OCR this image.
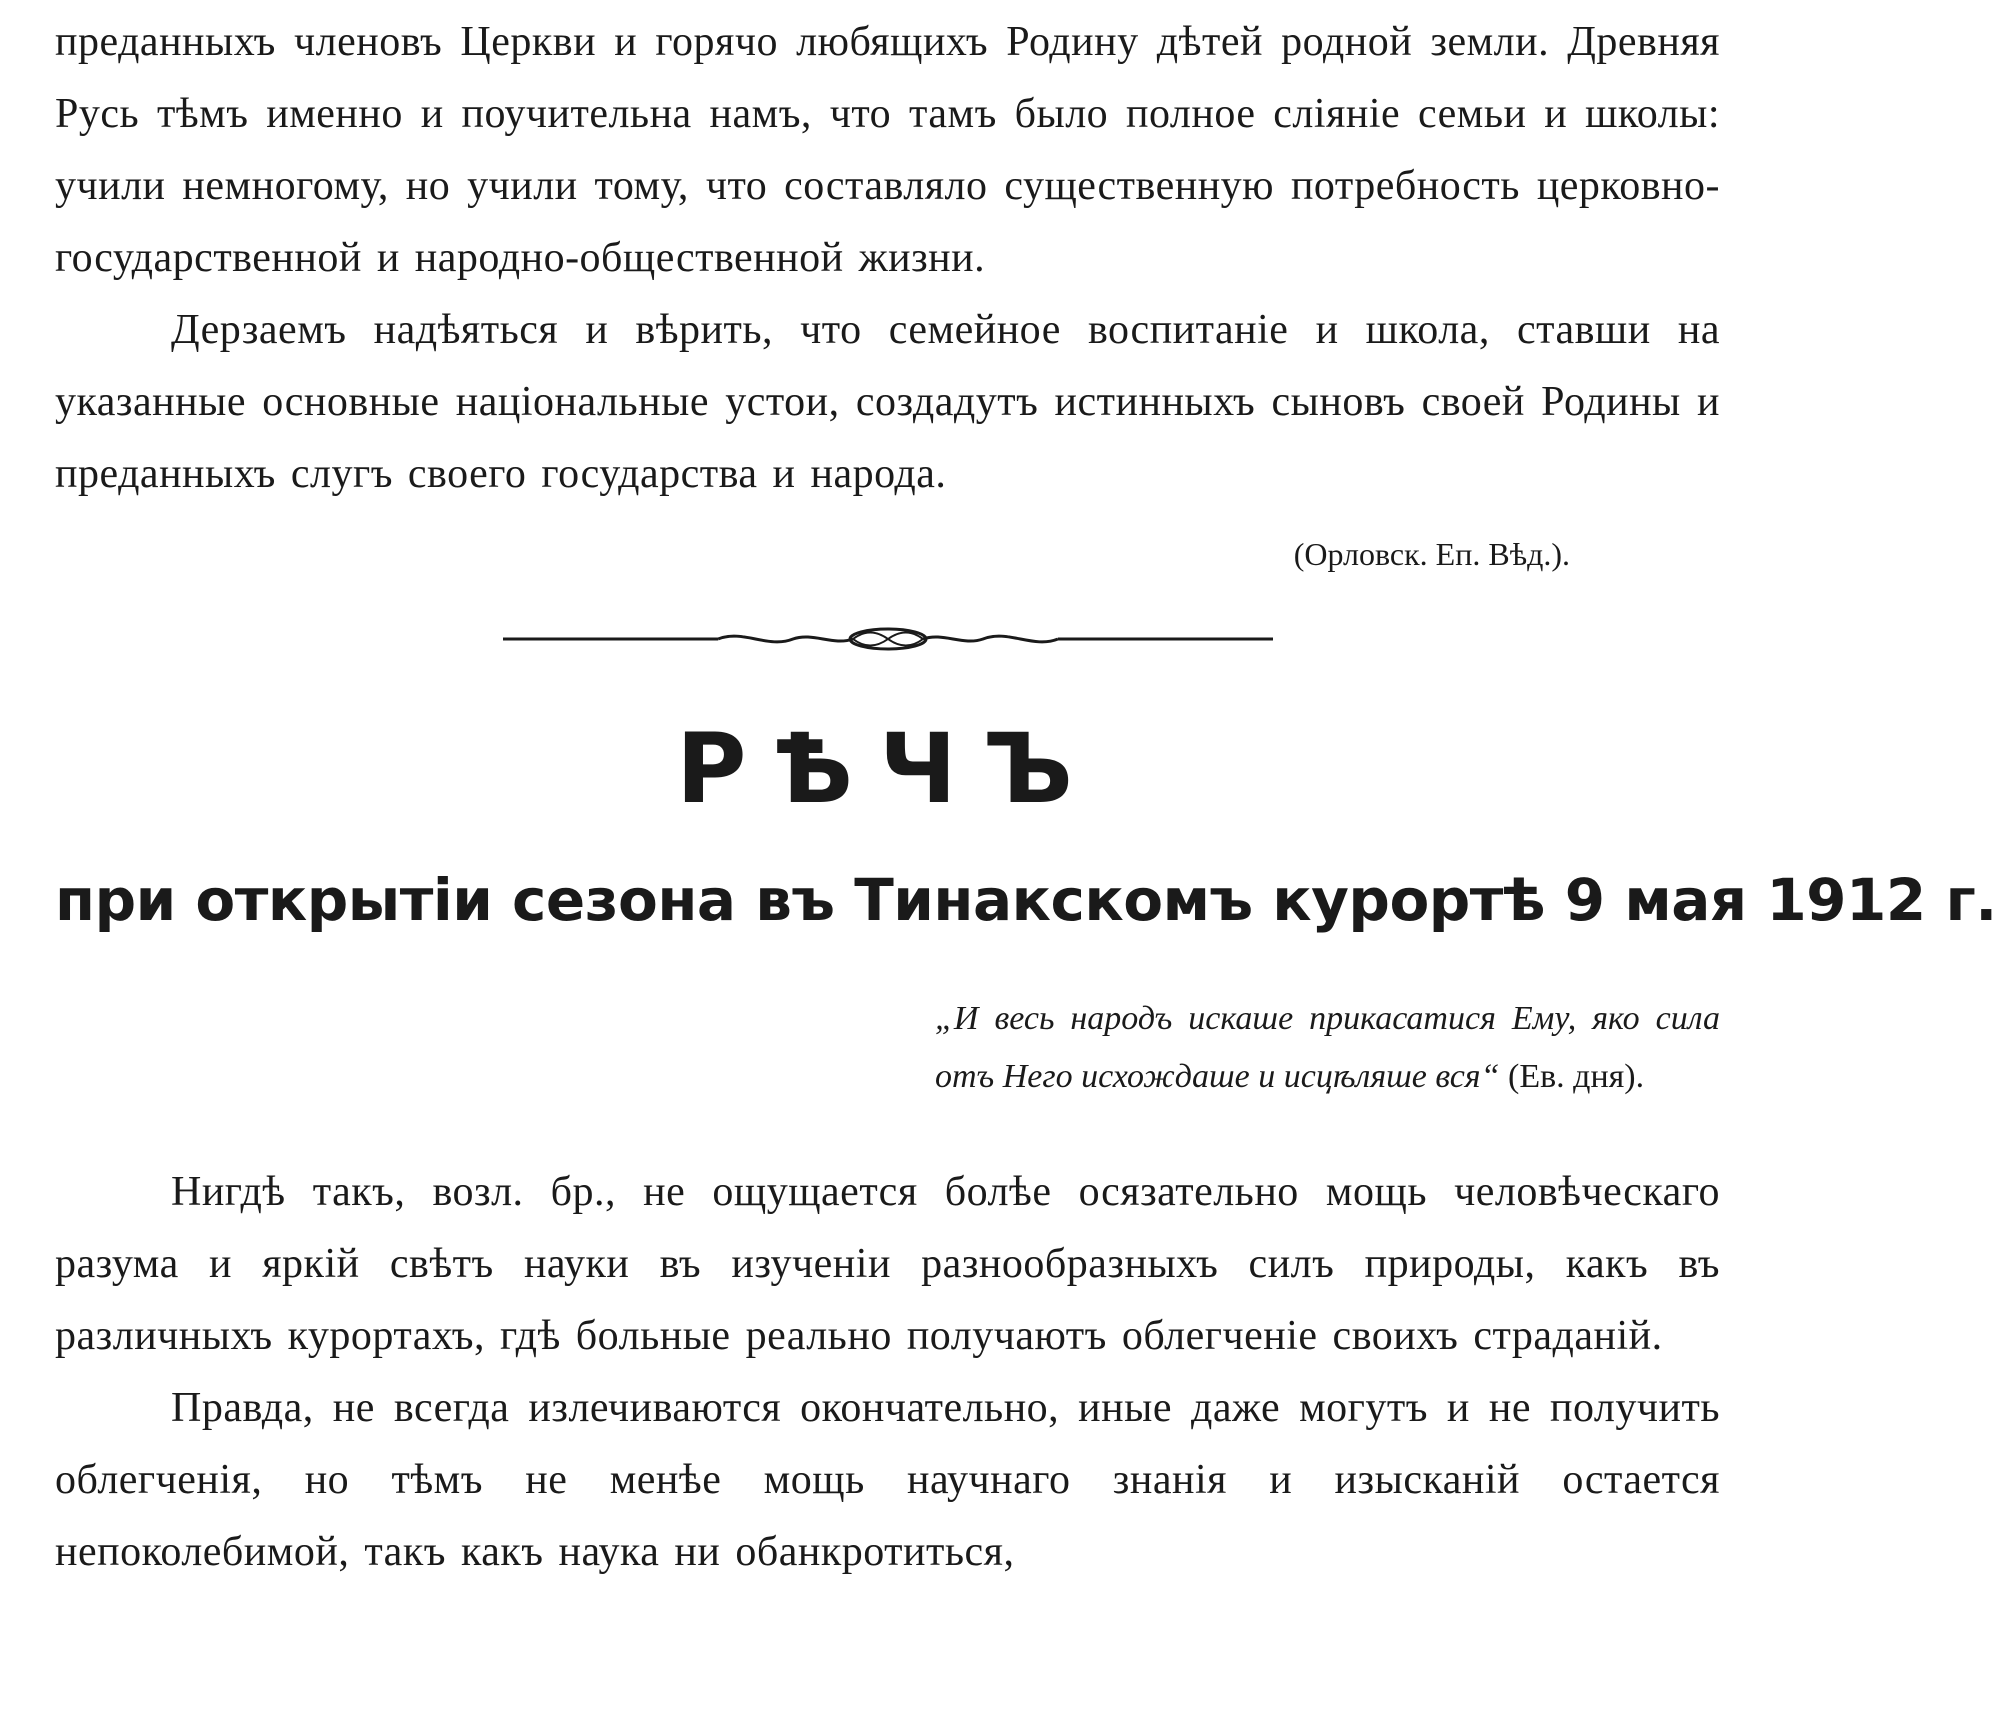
преданныхъ членовъ Церкви и горячо любящихъ Родину дѣтей родной земли. Древняя Русь тѣмъ именно и поучительна намъ, что тамъ было полное сліяніе семьи и школы: учили немногому, но учили тому, что составляло существенную потребность церковно-государственной и народно-общественной жизни.

Дерзаемъ надѣяться и вѣрить, что семейное воспитаніе и школа, ставши на указанные основные національные устои, создадутъ истинныхъ сыновъ своей Родины и преданныхъ слугъ своего государства и народа.

(Орловск. Еп. Вѣд.).
РѢЧЪ
при открытіи сезона въ Тинакскомъ курортѣ 9 мая 1912 г.
„И весь народъ искаше прикасатися Ему, яко сила отъ Него исхождаше и исцѣляше вся“ (Ев. дня).

Нигдѣ такъ, возл. бр., не ощущается болѣе осязательно мощь человѣческаго разума и яркій свѣтъ науки въ изученіи разнообразныхъ силъ природы, какъ въ различныхъ курортахъ, гдѣ больные реально получаютъ облегченіе своихъ страданій.

Правда, не всегда излечиваются окончательно, иные даже могутъ и не получить облегченія, но тѣмъ не менѣе мощь научнаго знанія и изысканій остается непоколебимой, такъ какъ наука ни обанкротиться,
